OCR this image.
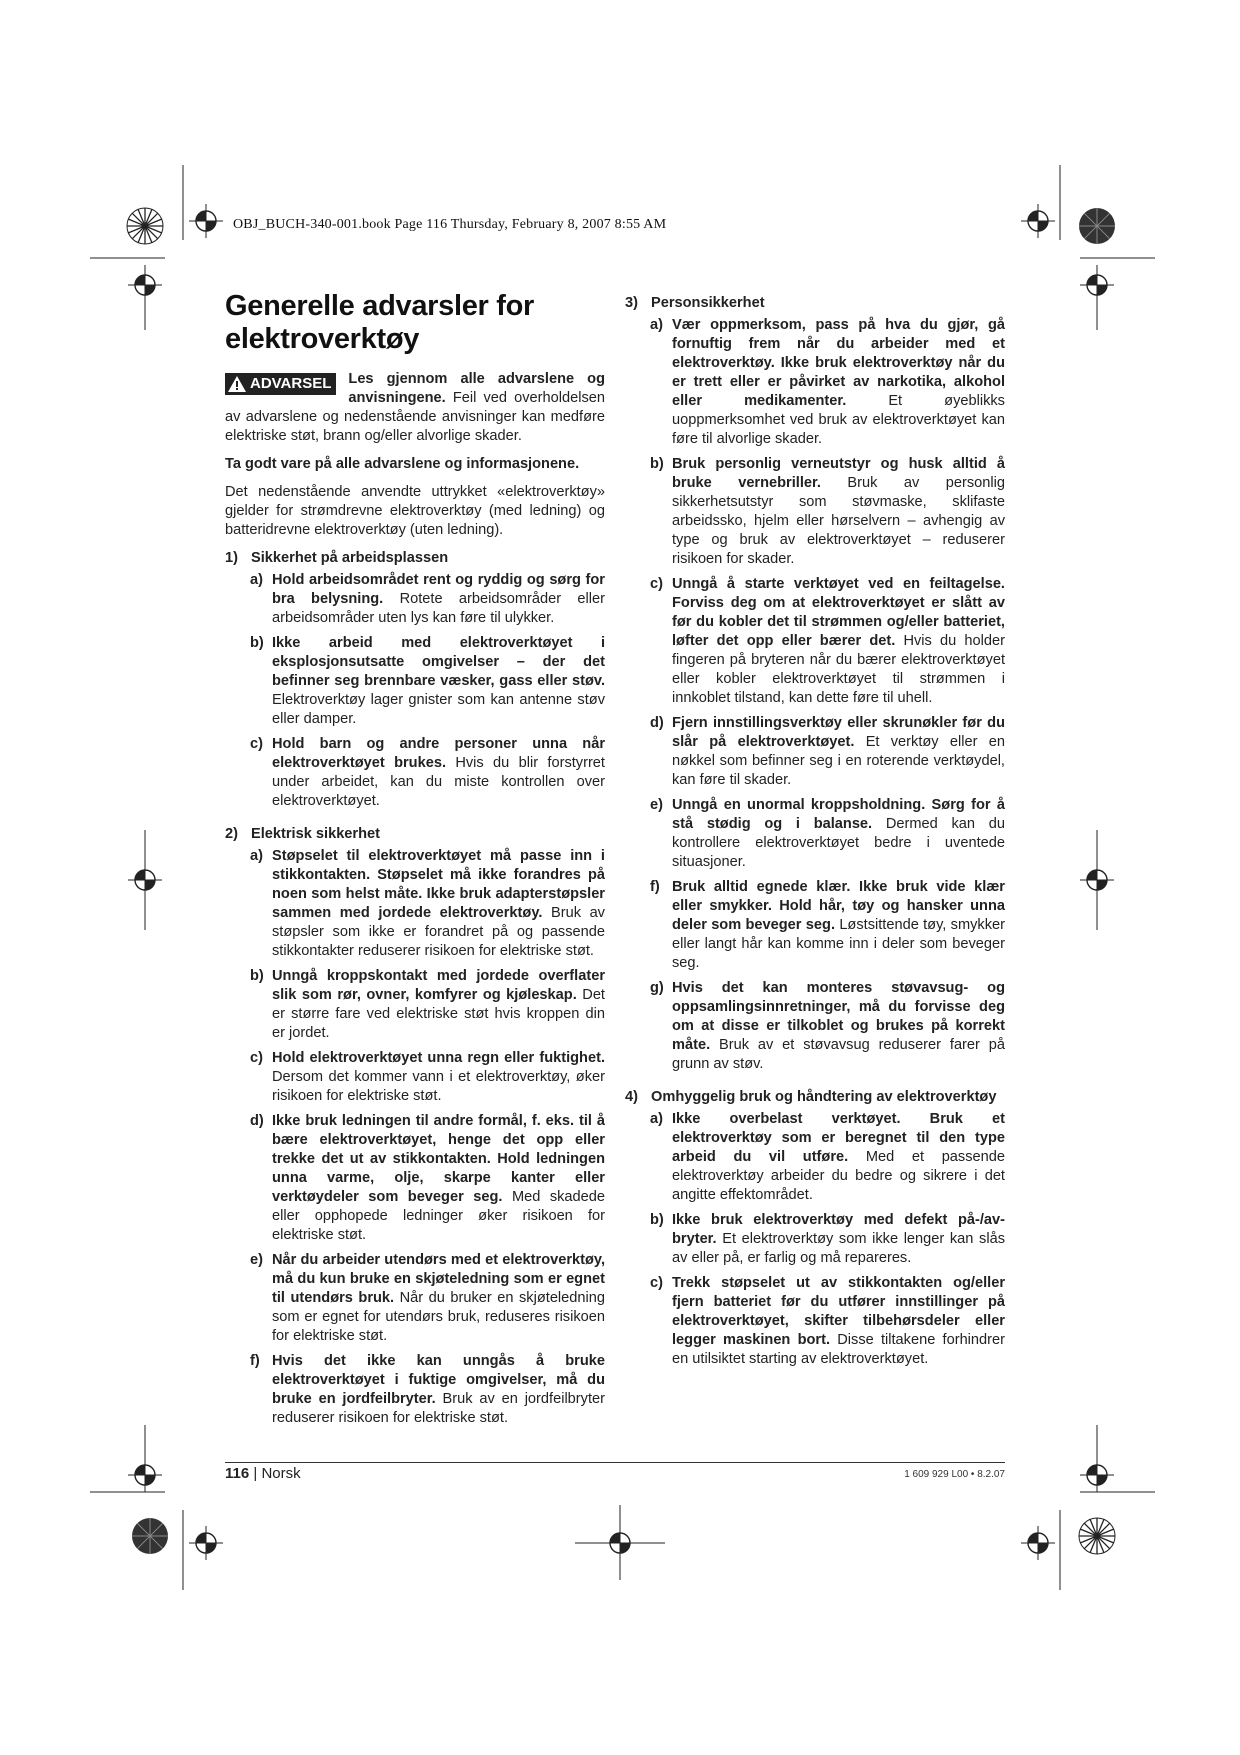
OBJ_BUCH-340-001.book Page 116 Thursday, February 8, 2007 8:55 AM
Generelle advarsler for elektroverktøy

ADVARSEL Les gjennom alle advarslene og anvisningene. Feil ved overholdelsen av advarslene og nedenstående anvisninger kan medføre elektriske støt, brann og/eller alvorlige skader.

Ta godt vare på alle advarslene og informasjonene.

Det nedenstående anvendte uttrykket «elektroverktøy» gjelder for strømdrevne elektroverktøy (med ledning) og batteridrevne elektroverktøy (uten ledning).

1) Sikkerhet på arbeidsplassen
a) Hold arbeidsområdet rent og ryddig og sørg for bra belysning. Rotete arbeidsområder eller arbeidsområder uten lys kan føre til ulykker.
b) Ikke arbeid med elektroverktøyet i eksplosjonsutsatte omgivelser – der det befinner seg brennbare væsker, gass eller støv. Elektroverktøy lager gnister som kan antenne støv eller damper.
c) Hold barn og andre personer unna når elektroverktøyet brukes. Hvis du blir forstyrret under arbeidet, kan du miste kontrollen over elektroverktøyet.
2) Elektrisk sikkerhet
a) Støpselet til elektroverktøyet må passe inn i stikkontakten. Støpselet må ikke forandres på noen som helst måte. Ikke bruk adapterstøpsler sammen med jordede elektroverktøy. Bruk av støpsler som ikke er forandret på og passende stikkontakter reduserer risikoen for elektriske støt.
b) Unngå kroppskontakt med jordede overflater slik som rør, ovner, komfyrer og kjøleskap. Det er større fare ved elektriske støt hvis kroppen din er jordet.
c) Hold elektroverktøyet unna regn eller fuktighet. Dersom det kommer vann i et elektroverktøy, øker risikoen for elektriske støt.
d) Ikke bruk ledningen til andre formål, f. eks. til å bære elektroverktøyet, henge det opp eller trekke det ut av stikkontakten. Hold ledningen unna varme, olje, skarpe kanter eller verktøydeler som beveger seg. Med skadede eller opphopede ledninger øker risikoen for elektriske støt.
e) Når du arbeider utendørs med et elektroverktøy, må du kun bruke en skjøteledning som er egnet til utendørs bruk. Når du bruker en skjøteledning som er egnet for utendørs bruk, reduseres risikoen for elektriske støt.
f) Hvis det ikke kan unngås å bruke elektroverktøyet i fuktige omgivelser, må du bruke en jordfeilbryter. Bruk av en jordfeilbryter reduserer risikoen for elektriske støt.
3) Personsikkerhet
a) Vær oppmerksom, pass på hva du gjør, gå fornuftig frem når du arbeider med et elektroverktøy. Ikke bruk elektroverktøy når du er trett eller er påvirket av narkotika, alkohol eller medikamenter.	Et øyeblikks uoppmerksomhet ved bruk av elektroverktøyet kan føre til alvorlige skader.
b) Bruk personlig verneutstyr og husk alltid å bruke vernebriller. Bruk av personlig sikkerhetsutstyr som støvmaske, sklifaste arbeidssko, hjelm eller hørselvern – avhengig av type og bruk av elektroverktøyet – reduserer risikoen for skader.
c) Unngå å starte verktøyet ved en feiltagelse. Forviss deg om at elektroverktøyet er slått av før du kobler det til strømmen og/eller batteriet, løfter det opp eller bærer det. Hvis du holder fingeren på bryteren når du bærer elektroverktøyet eller kobler elektroverktøyet til strømmen i innkoblet tilstand, kan dette føre til uhell.
d) Fjern innstillingsverktøy eller skrunøkler før du slår på elektroverktøyet. Et verktøy eller en nøkkel som befinner seg i en roterende verktøydel, kan føre til skader.
e) Unngå en unormal kroppsholdning. Sørg for å stå stødig og i balanse. Dermed kan du kontrollere elektroverktøyet bedre i uventede situasjoner.
f) Bruk alltid egnede klær. Ikke bruk vide klær eller smykker. Hold hår, tøy og hansker unna deler som beveger seg. Løstsittende tøy, smykker eller langt hår kan komme inn i deler som beveger seg.
g) Hvis det kan monteres støvavsug- og oppsamlingsinnretninger, må du forvisse deg om at disse er tilkoblet og brukes på korrekt måte. Bruk av et støvavsug reduserer farer på grunn av støv.
4) Omhyggelig bruk og håndtering av elektroverktøy
a) Ikke overbelast verktøyet. Bruk et elektroverktøy som er beregnet til den type arbeid du vil utføre. Med et passende elektroverktøy arbeider du bedre og sikrere i det angitte effektområdet.
b) Ikke bruk elektroverktøy med defekt på-/av-bryter. Et elektroverktøy som ikke lenger kan slås av eller på, er farlig og må repareres.
c) Trekk støpselet ut av stikkontakten og/eller fjern batteriet før du utfører innstillinger på elektroverktøyet, skifter tilbehørsdeler eller legger maskinen bort. Disse tiltakene forhindrer en utilsiktet starting av elektroverktøyet.
116 | Norsk	1 609 929 L00 • 8.2.07
